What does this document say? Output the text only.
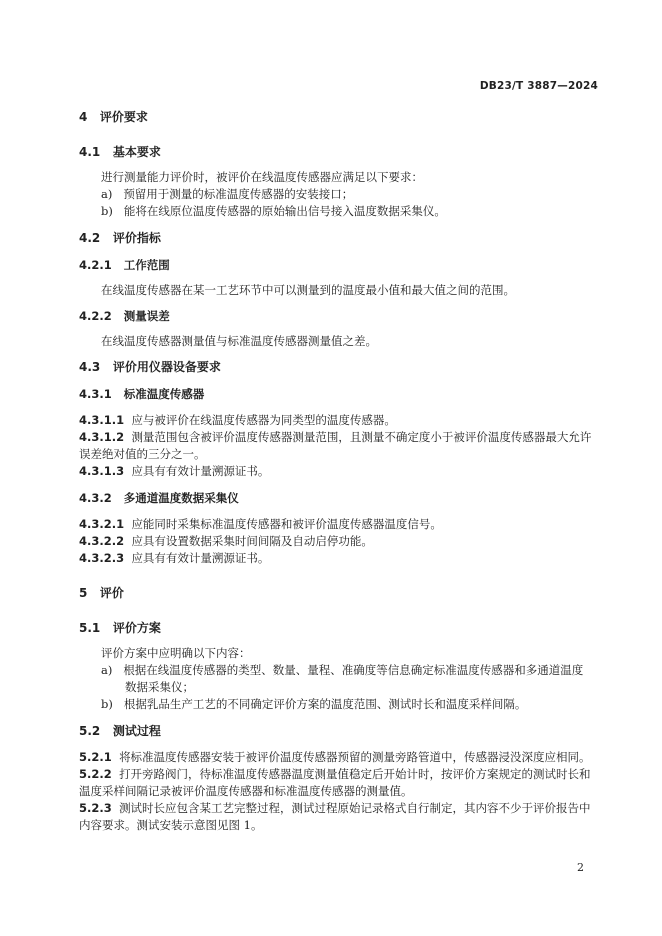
DB23/T 3887—2024
4 评价要求
4.1 基本要求
进行测量能力评价时，被评价在线温度传感器应满足以下要求：
a) 预留用于测量的标准温度传感器的安装接口；
b) 能将在线原位温度传感器的原始输出信号接入温度数据采集仪。
4.2 评价指标
4.2.1 工作范围
在线温度传感器在某一工艺环节中可以测量到的温度最小值和最大值之间的范围。
4.2.2 测量误差
在线温度传感器测量值与标准温度传感器测量值之差。
4.3 评价用仪器设备要求
4.3.1 标准温度传感器
4.3.1.1 应与被评价在线温度传感器为同类型的温度传感器。
4.3.1.2 测量范围包含被评价温度传感器测量范围，且测量不确定度小于被评价温度传感器最大允许
误差绝对值的三分之一。
4.3.1.3 应具有有效计量溯源证书。
4.3.2 多通道温度数据采集仪
4.3.2.1 应能同时采集标准温度传感器和被评价温度传感器温度信号。
4.3.2.2 应具有设置数据采集时间间隔及自动启停功能。
4.3.2.3 应具有有效计量溯源证书。
5 评价
5.1 评价方案
评价方案中应明确以下内容：
a) 根据在线温度传感器的类型、数量、量程、准确度等信息确定标准温度传感器和多通道温度
数据采集仪；
b) 根据乳品生产工艺的不同确定评价方案的温度范围、测试时长和温度采样间隔。
5.2 测试过程
5.2.1 将标准温度传感器安装于被评价温度传感器预留的测量旁路管道中，传感器浸没深度应相同。
5.2.2 打开旁路阀门，待标准温度传感器温度测量值稳定后开始计时，按评价方案规定的测试时长和
温度采样间隔记录被评价温度传感器和标准温度传感器的测量值。
5.2.3 测试时长应包含某工艺完整过程，测试过程原始记录格式自行制定，其内容不少于评价报告中
内容要求。测试安装示意图见图 1。
2
